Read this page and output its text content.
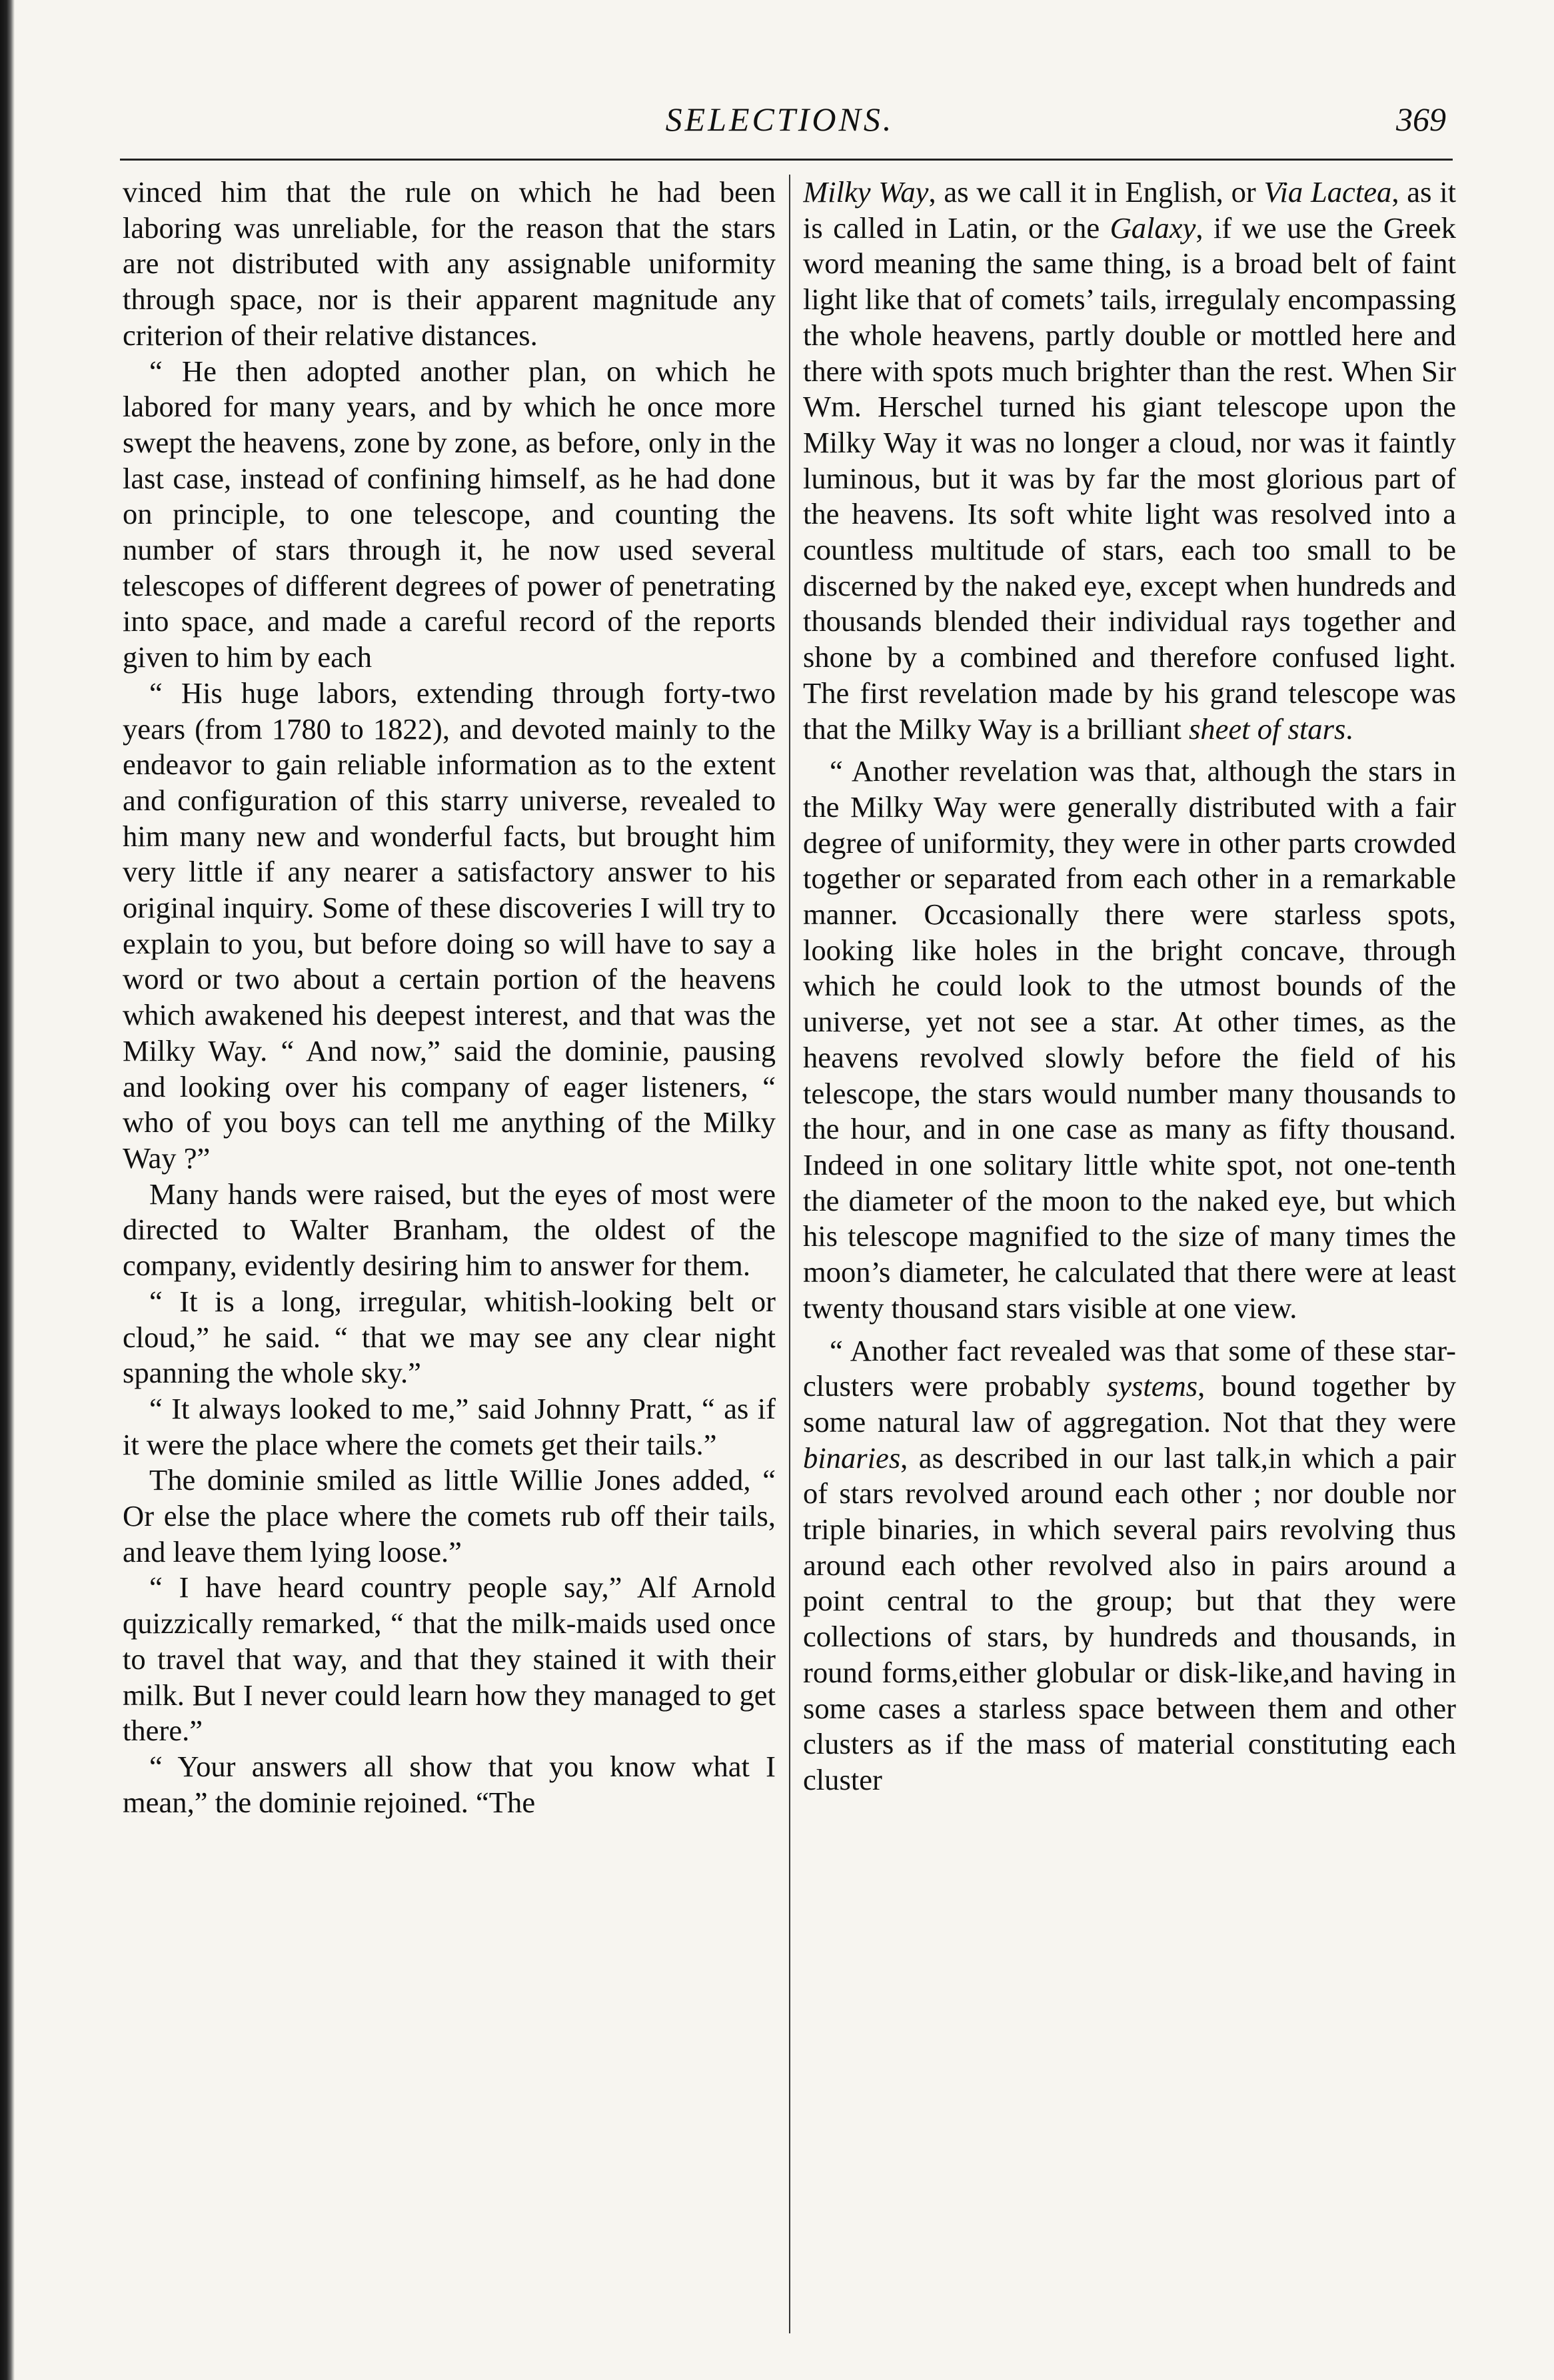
SELECTIONS.	369

vinced him that the rule on which he had been laboring was unreliable, for the reason that the stars are not distributed with any assignable uniformity through space, nor is their apparent magnitude any criterion of their relative distances.

“ He then adopted another plan, on which he labored for many years, and by which he once more swept the heavens, zone by zone, as before, only in the last case, instead of confining himself, as he had done on principle, to one telescope, and counting the number of stars through it, he now used several telescopes of different degrees of power of penetrating into space, and made a careful record of the reports given to him by each

“ His huge labors, extending through forty-two years (from 1780 to 1822), and devoted mainly to the endeavor to gain reliable information as to the extent and configuration of this starry universe, revealed to him many new and wonderful facts, but brought him very little if any nearer a satisfactory answer to his original inquiry. Some of these discoveries I will try to explain to you, but before doing so will have to say a word or two about a certain portion of the heavens which awakened his deepest interest, and that was the Milky Way. “ And now,” said the dominie, pausing and looking over his company of eager listeners, “ who of you boys can tell me anything of the Milky Way ?”

Many hands were raised, but the eyes of most were directed to Walter Branham, the oldest of the company, evidently desiring him to answer for them.

“ It is a long, irregular, whitish-looking belt or cloud,” he said. “ that we may see any clear night spanning the whole sky.”

“ It always looked to me,” said Johnny Pratt, “ as if it were the place where the comets get their tails.”

The dominie smiled as little Willie Jones added, “ Or else the place where the comets rub off their tails, and leave them lying loose.”

“ I have heard country people say,” Alf Arnold quizzically remarked, “ that the milk-maids used once to travel that way, and that they stained it with their milk. But I never could learn how they managed to get there.”

“ Your answers all show that you know what I mean,” the dominie rejoined. “The

Milky Way, as we call it in English, or Via Lactea, as it is called in Latin, or the Galaxy, if we use the Greek word meaning the same thing, is a broad belt of faint light like that of comets’ tails, irregulaly encompassing the whole heavens, partly double or mottled here and there with spots much brighter than the rest. When Sir Wm. Herschel turned his giant telescope upon the Milky Way it was no longer a cloud, nor was it faintly luminous, but it was by far the most glorious part of the heavens. Its soft white light was resolved into a countless multitude of stars, each too small to be discerned by the naked eye, except when hundreds and thousands blended their individual rays together and shone by a combined and therefore confused light. The first revelation made by his grand telescope was that the Milky Way is a brilliant sheet of stars.

“ Another revelation was that, although the stars in the Milky Way were generally distributed with a fair degree of uniformity, they were in other parts crowded together or separated from each other in a remarkable manner. Occasionally there were starless spots, looking like holes in the bright concave, through which he could look to the utmost bounds of the universe, yet not see a star. At other times, as the heavens revolved slowly before the field of his telescope, the stars would number many thousands to the hour, and in one case as many as fifty thousand. Indeed in one solitary little white spot, not one-tenth the diameter of the moon to the naked eye, but which his telescope magnified to the size of many times the moon’s diameter, he calculated that there were at least twenty thousand stars visible at one view.

“ Another fact revealed was that some of these star-clusters were probably systems, bound together by some natural law of aggregation. Not that they were binaries, as described in our last talk,in which a pair of stars revolved around each other ; nor double nor triple binaries, in which several pairs revolving thus around each other revolved also in pairs around a point central to the group; but that they were collections of stars, by hundreds and thousands, in round forms,either globular or disk-like,and having in some cases a starless space between them and other clusters as if the mass of material constituting each cluster
